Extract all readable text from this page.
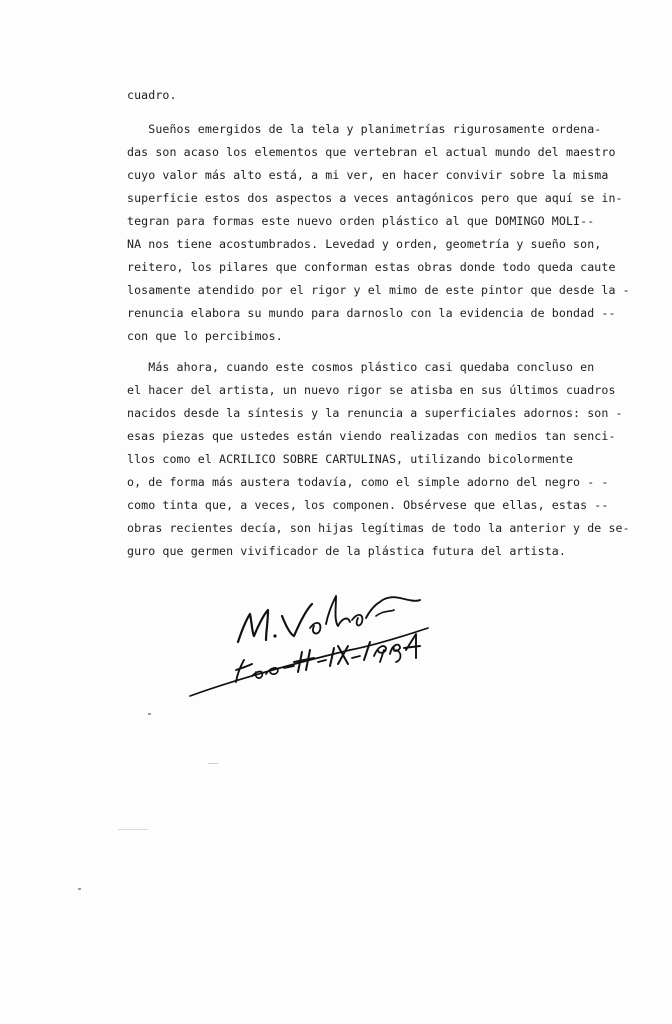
cuadro.
Sueños emergidos de la tela y planimetrías rigurosamente ordena-
das son acaso los elementos que vertebran el actual mundo del maestro
cuyo valor más alto está, a mi ver, en hacer convivir sobre la misma
superficie estos dos aspectos a veces antagónicos pero que aquí se in-
tegran para formas este nuevo orden plástico al que DOMINGO MOLI--
NA nos tiene acostumbrados. Levedad y orden, geometría y sueño son,
reitero, los pilares que conforman estas obras donde todo queda caute
losamente atendido por el rigor y el mimo de este pintor que desde la -
renuncia elabora su mundo para darnoslo con la evidencia de bondad --
con que lo percibimos.
Más ahora, cuando este cosmos plástico casi quedaba concluso en
el hacer del artista, un nuevo rigor se atisba en sus últimos cuadros
nacidos desde la síntesis y la renuncia a superficiales adornos: son -
esas piezas que ustedes están viendo realizadas con medios tan senci-
llos como el ACRILICO SOBRE CARTULINAS, utilizando bicolormente
o, de forma más austera todavía, como el simple adorno del negro - -
como tinta que, a veces, los componen. Obsérvese que ellas, estas --
obras recientes decía, son hijas legítimas de todo la anterior y de se-
guro que germen vivificador de la plástica futura del artista.
